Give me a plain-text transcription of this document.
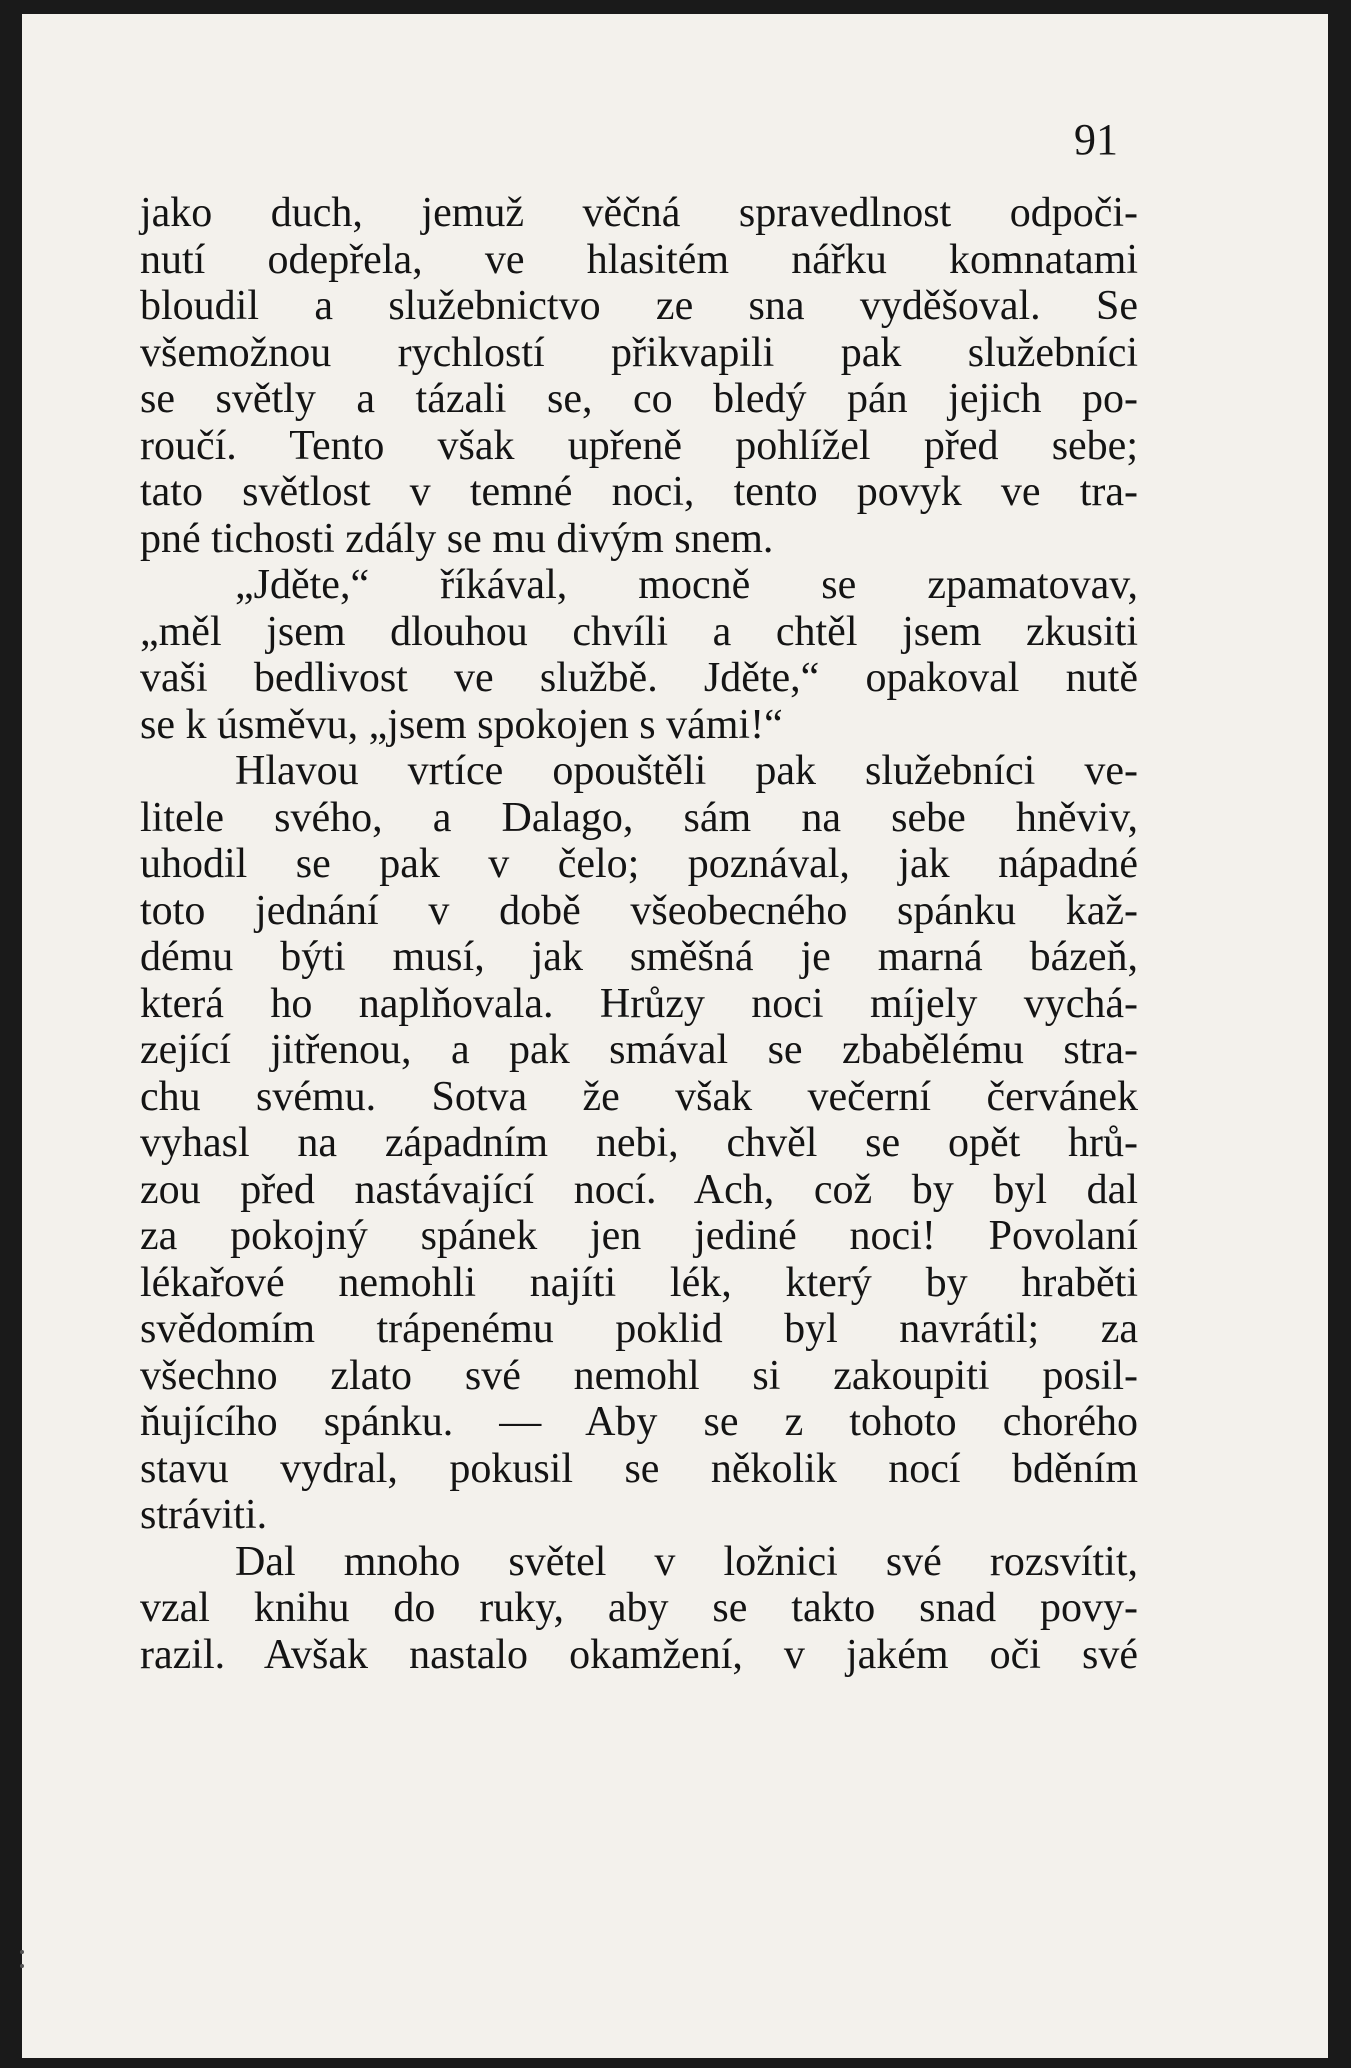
91
jako duch, jemuž věčná spravedlnost odpoči-
nutí odepřela, ve hlasitém nářku komnatami
bloudil a služebnictvo ze sna vyděšoval. Se
všemožnou rychlostí přikvapili pak služebníci
se světly a tázali se, co bledý pán jejich po-
roučí. Tento však upřeně pohlížel před sebe;
tato světlost v temné noci, tento povyk ve tra-
pné tichosti zdály se mu divým snem.
„Jděte,“ říkával, mocně se zpamatovav,
„měl jsem dlouhou chvíli a chtěl jsem zkusiti
vaši bedlivost ve službě. Jděte,“ opakoval nutě
se k úsměvu, „jsem spokojen s vámi!“
Hlavou vrtíce opouštěli pak služebníci ve-
litele svého, a Dalago, sám na sebe hněviv,
uhodil se pak v čelo; poznával, jak nápadné
toto jednání v době všeobecného spánku kaž-
dému býti musí, jak směšná je marná bázeň,
která ho naplňovala. Hrůzy noci míjely vychá-
zející jitřenou, a pak smával se zbabělému stra-
chu svému. Sotva že však večerní červánek
vyhasl na západním nebi, chvěl se opět hrů-
zou před nastávající nocí. Ach, což by byl dal
za pokojný spánek jen jediné noci! Povolaní
lékařové nemohli najíti lék, který by hraběti
svědomím trápenému poklid byl navrátil; za
všechno zlato své nemohl si zakoupiti posil-
ňujícího spánku. — Aby se z tohoto chorého
stavu vydral, pokusil se několik nocí bděním
stráviti.
Dal mnoho světel v ložnici své rozsvítit,
vzal knihu do ruky, aby se takto snad povy-
razil. Avšak nastalo okamžení, v jakém oči své
